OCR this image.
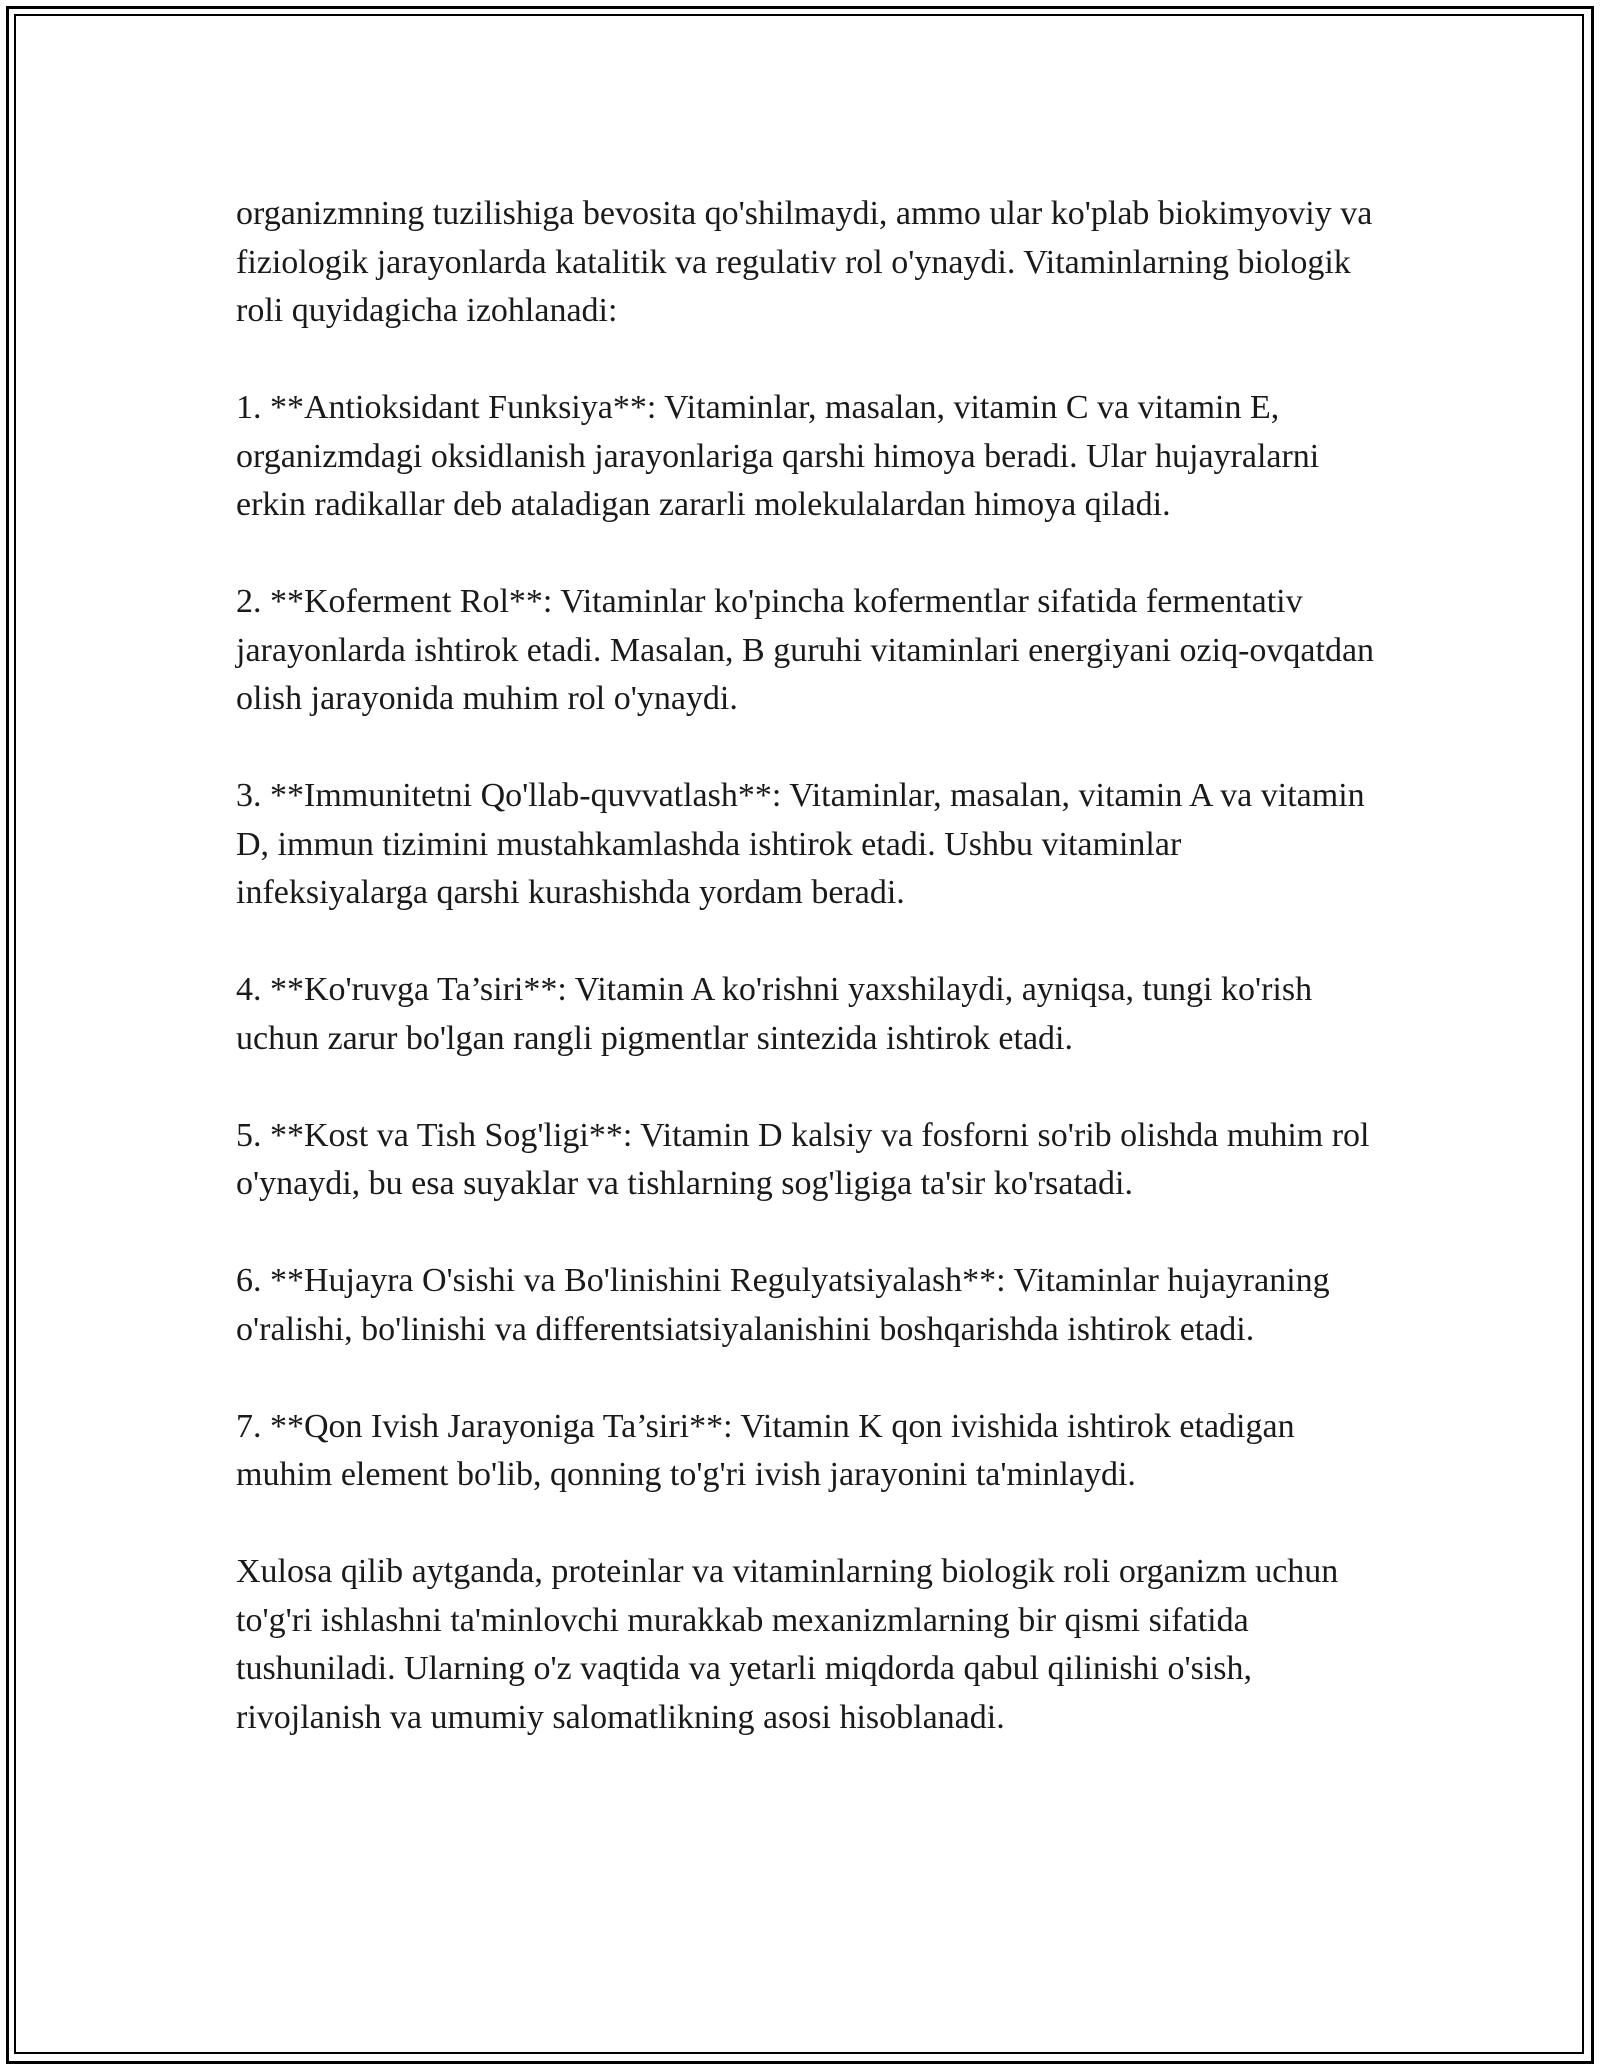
organizmning tuzilishiga bevosita qo'shilmaydi, ammo ular ko'plab biokimyoviy va fiziologik jarayonlarda katalitik va regulativ rol o'ynaydi. Vitaminlarning biologik roli quyidagicha izohlanadi:

1. **Antioksidant Funksiya**: Vitaminlar, masalan, vitamin C va vitamin E, organizmdagi oksidlanish jarayonlariga qarshi himoya beradi. Ular hujayralarni erkin radikallar deb ataladigan zararli molekulalardan himoya qiladi.

2. **Koferment Rol**: Vitaminlar ko'pincha kofermentlar sifatida fermentativ jarayonlarda ishtirok etadi. Masalan, B guruhi vitaminlari energiyani oziq-ovqatdan olish jarayonida muhim rol o'ynaydi.

3. **Immunitetni Qo'llab-quvvatlash**: Vitaminlar, masalan, vitamin A va vitamin D, immun tizimini mustahkamlashda ishtirok etadi. Ushbu vitaminlar infeksiyalarga qarshi kurashishda yordam beradi.

4. **Ko'ruvga Ta’siri**: Vitamin A ko'rishni yaxshilaydi, ayniqsa, tungi ko'rish uchun zarur bo'lgan rangli pigmentlar sintezida ishtirok etadi.

5. **Kost va Tish Sog'ligi**: Vitamin D kalsiy va fosforni so'rib olishda muhim rol o'ynaydi, bu esa suyaklar va tishlarning sog'ligiga ta'sir ko'rsatadi.

6. **Hujayra O'sishi va Bo'linishini Regulyatsiyalash**: Vitaminlar hujayraning o'ralishi, bo'linishi va differentsiatsiyalanishini boshqarishda ishtirok etadi.

7. **Qon Ivish Jarayoniga Ta’siri**: Vitamin K qon ivishida ishtirok etadigan muhim element bo'lib, qonning to'g'ri ivish jarayonini ta'minlaydi.

Xulosa qilib aytganda, proteinlar va vitaminlarning biologik roli organizm uchun to'g'ri ishlashni ta'minlovchi murakkab mexanizmlarning bir qismi sifatida tushuniladi. Ularning o'z vaqtida va yetarli miqdorda qabul qilinishi o'sish, rivojlanish va umumiy salomatlikning asosi hisoblanadi.
